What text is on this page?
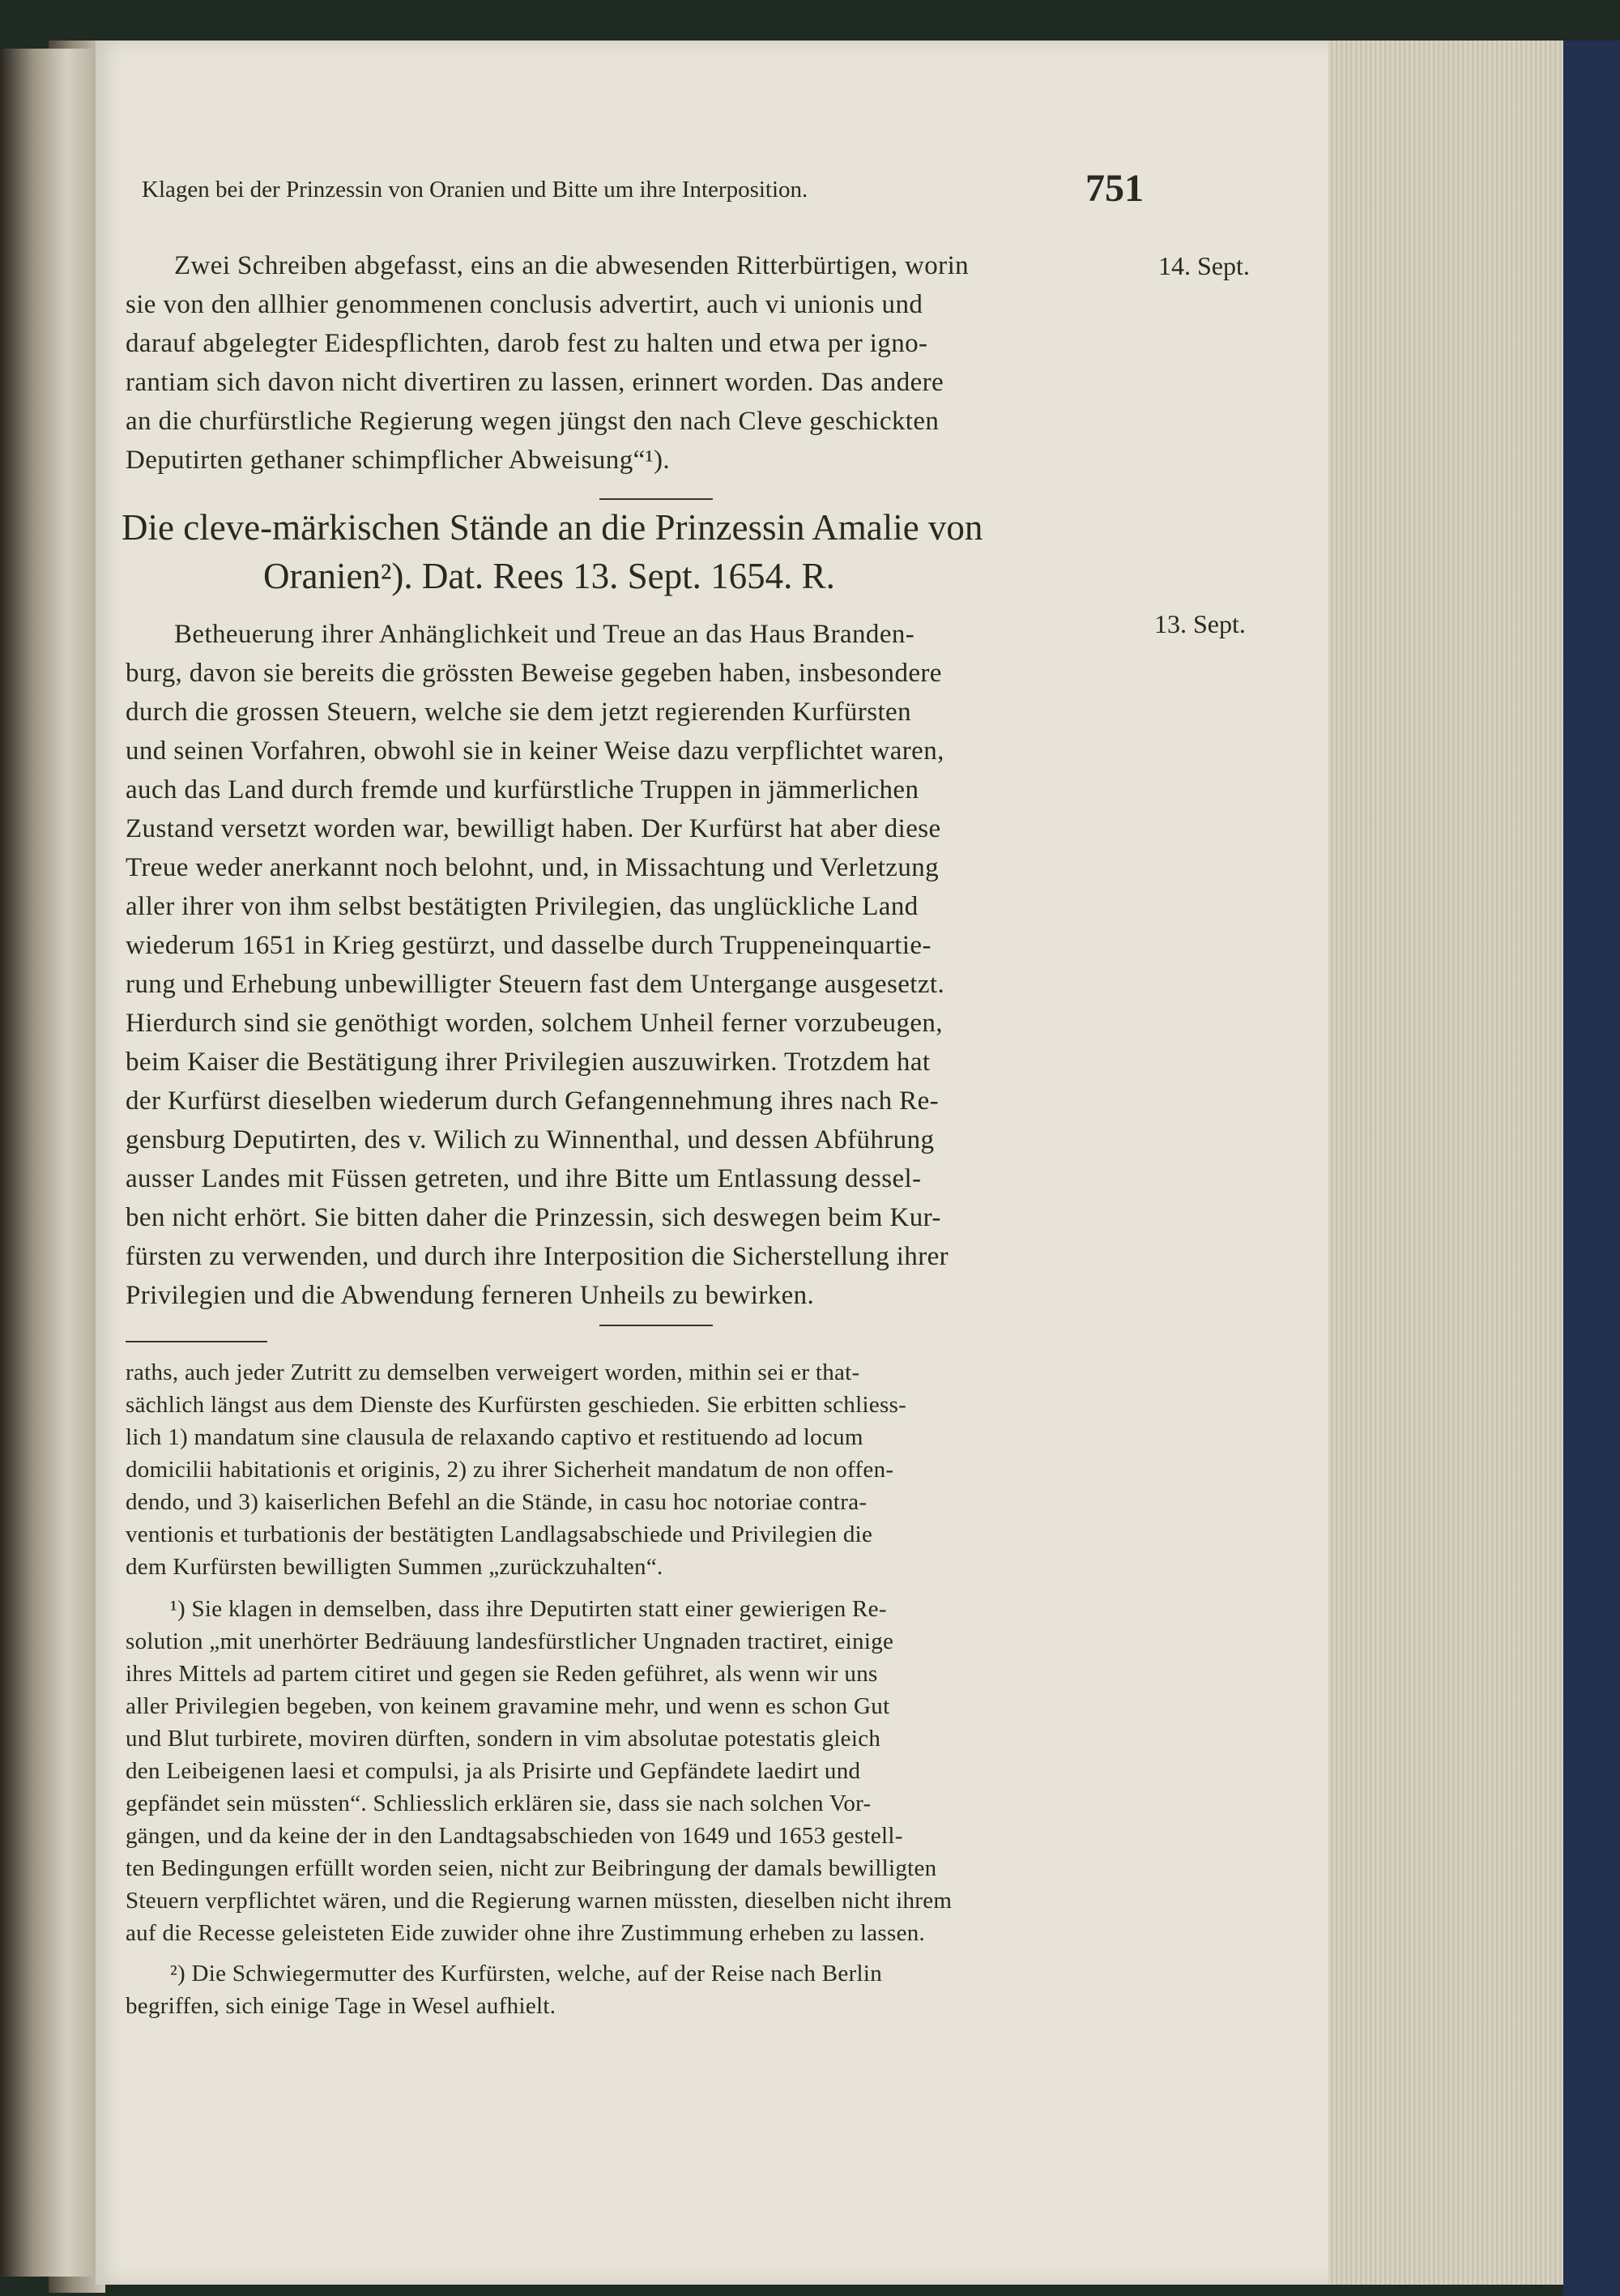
Klagen bei der Prinzessin von Oranien und Bitte um ihre Interposition.	751
14. Sept.
13. Sept.
Zwei Schreiben abgefasst, eins an die abwesenden Ritterbürtigen, worin
sie von den allhier genommenen conclusis advertirt, auch vi unionis und
darauf abgelegter Eidespflichten, darob fest zu halten und etwa per igno-
rantiam sich davon nicht divertiren zu lassen, erinnert worden. Das andere
an die churfürstliche Regierung wegen jüngst den nach Cleve geschickten
Deputirten gethaner schimpflicher Abweisung“¹).
Die cleve-märkischen Stände an die Prinzessin Amalie von
Oranien²). Dat. Rees 13. Sept. 1654. R.
Betheuerung ihrer Anhänglichkeit und Treue an das Haus Branden-
burg, davon sie bereits die grössten Beweise gegeben haben, insbesondere
durch die grossen Steuern, welche sie dem jetzt regierenden Kurfürsten
und seinen Vorfahren, obwohl sie in keiner Weise dazu verpflichtet waren,
auch das Land durch fremde und kurfürstliche Truppen in jämmerlichen
Zustand versetzt worden war, bewilligt haben. Der Kurfürst hat aber diese
Treue weder anerkannt noch belohnt, und, in Missachtung und Verletzung
aller ihrer von ihm selbst bestätigten Privilegien, das unglückliche Land
wiederum 1651 in Krieg gestürzt, und dasselbe durch Truppeneinquartie-
rung und Erhebung unbewilligter Steuern fast dem Untergange ausgesetzt.
Hierdurch sind sie genöthigt worden, solchem Unheil ferner vorzubeugen,
beim Kaiser die Bestätigung ihrer Privilegien auszuwirken. Trotzdem hat
der Kurfürst dieselben wiederum durch Gefangennehmung ihres nach Re-
gensburg Deputirten, des v. Wilich zu Winnenthal, und dessen Abführung
ausser Landes mit Füssen getreten, und ihre Bitte um Entlassung dessel-
ben nicht erhört. Sie bitten daher die Prinzessin, sich deswegen beim Kur-
fürsten zu verwenden, und durch ihre Interposition die Sicherstellung ihrer
Privilegien und die Abwendung ferneren Unheils zu bewirken.
raths, auch jeder Zutritt zu demselben verweigert worden, mithin sei er that-
sächlich längst aus dem Dienste des Kurfürsten geschieden. Sie erbitten schliess-
lich 1) mandatum sine clausula de relaxando captivo et restituendo ad locum
domicilii habitationis et originis, 2) zu ihrer Sicherheit mandatum de non offen-
dendo, und 3) kaiserlichen Befehl an die Stände, in casu hoc notoriae contra-
ventionis et turbationis der bestätigten Landlagsabschiede und Privilegien die
dem Kurfürsten bewilligten Summen „zurückzuhalten“.
¹) Sie klagen in demselben, dass ihre Deputirten statt einer gewierigen Re-
solution „mit unerhörter Bedräuung landesfürstlicher Ungnaden tractiret, einige
ihres Mittels ad partem citiret und gegen sie Reden geführet, als wenn wir uns
aller Privilegien begeben, von keinem gravamine mehr, und wenn es schon Gut
und Blut turbirete, moviren dürften, sondern in vim absolutae potestatis gleich
den Leibeigenen laesi et compulsi, ja als Prisirte und Gepfändete laedirt und
gepfändet sein müssten“. Schliesslich erklären sie, dass sie nach solchen Vor-
gängen, und da keine der in den Landtagsabschieden von 1649 und 1653 gestell-
ten Bedingungen erfüllt worden seien, nicht zur Beibringung der damals bewilligten
Steuern verpflichtet wären, und die Regierung warnen müssten, dieselben nicht ihrem
auf die Recesse geleisteten Eide zuwider ohne ihre Zustimmung erheben zu lassen.
²) Die Schwiegermutter des Kurfürsten, welche, auf der Reise nach Berlin
begriffen, sich einige Tage in Wesel aufhielt.
